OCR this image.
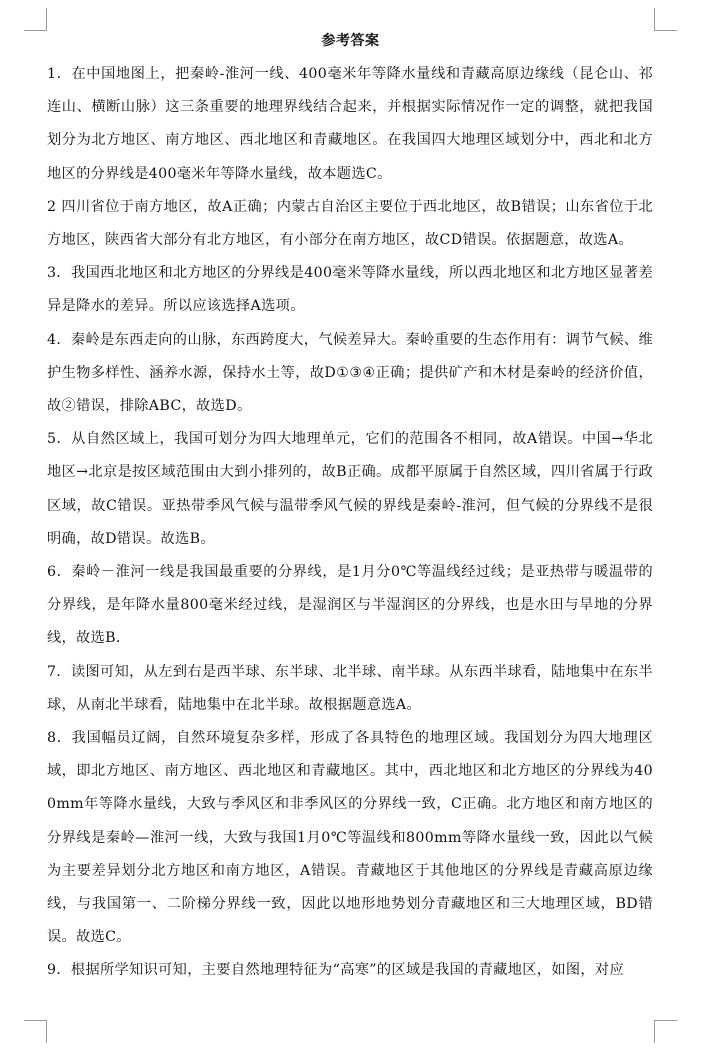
参考答案

1．在中国地图上，把秦岭-淮河一线、400毫米年等降水量线和青藏高原边缘线（昆仑山、祁连山、横断山脉）这三条重要的地理界线结合起来，并根据实际情况作一定的调整，就把我国划分为北方地区、南方地区、西北地区和青藏地区。在我国四大地理区域划分中，西北和北方地区的分界线是400毫米年等降水量线，故本题选C。

2 四川省位于南方地区，故A正确；内蒙古自治区主要位于西北地区，故B错误；山东省位于北方地区，陕西省大部分有北方地区，有小部分在南方地区，故CD错误。依据题意，故选A。

3．我国西北地区和北方地区的分界线是400毫米等降水量线，所以西北地区和北方地区显著差异是降水的差异。所以应该选择A选项。

4．秦岭是东西走向的山脉，东西跨度大，气候差异大。秦岭重要的生态作用有：调节气候、维护生物多样性、涵养水源，保持水土等，故D①③④正确；提供矿产和木材是秦岭的经济价值，故②错误，排除ABC，故选D。

5．从自然区域上，我国可划分为四大地理单元，它们的范围各不相同，故A错误。中国→华北地区→北京是按区域范围由大到小排列的，故B正确。成都平原属于自然区域，四川省属于行政区域，故C错误。亚热带季风气候与温带季风气候的界线是秦岭-淮河，但气候的分界线不是很明确，故D错误。故选B。

6．秦岭－淮河一线是我国最重要的分界线，是1月分0℃等温线经过线；是亚热带与暖温带的分界线，是年降水量800毫米经过线，是湿润区与半湿润区的分界线，也是水田与旱地的分界线，故选B．

7．读图可知，从左到右是西半球、东半球、北半球、南半球。从东西半球看，陆地集中在东半球，从南北半球看，陆地集中在北半球。故根据题意选A。

8．我国幅员辽阔，自然环境复杂多样，形成了各具特色的地理区域。我国划分为四大地理区域，即北方地区、南方地区、西北地区和青藏地区。其中，西北地区和北方地区的分界线为400mm年等降水量线，大致与季风区和非季风区的分界线一致，C正确。北方地区和南方地区的分界线是秦岭—淮河一线，大致与我国1月0℃等温线和800mm等降水量线一致，因此以气候为主要差异划分北方地区和南方地区，A错误。青藏地区于其他地区的分界线是青藏高原边缘线，与我国第一、二阶梯分界线一致，因此以地形地势划分青藏地区和三大地理区域，BD错误。故选C。

9．根据所学知识可知，主要自然地理特征为“高寒”的区域是我国的青藏地区，如图，对应
